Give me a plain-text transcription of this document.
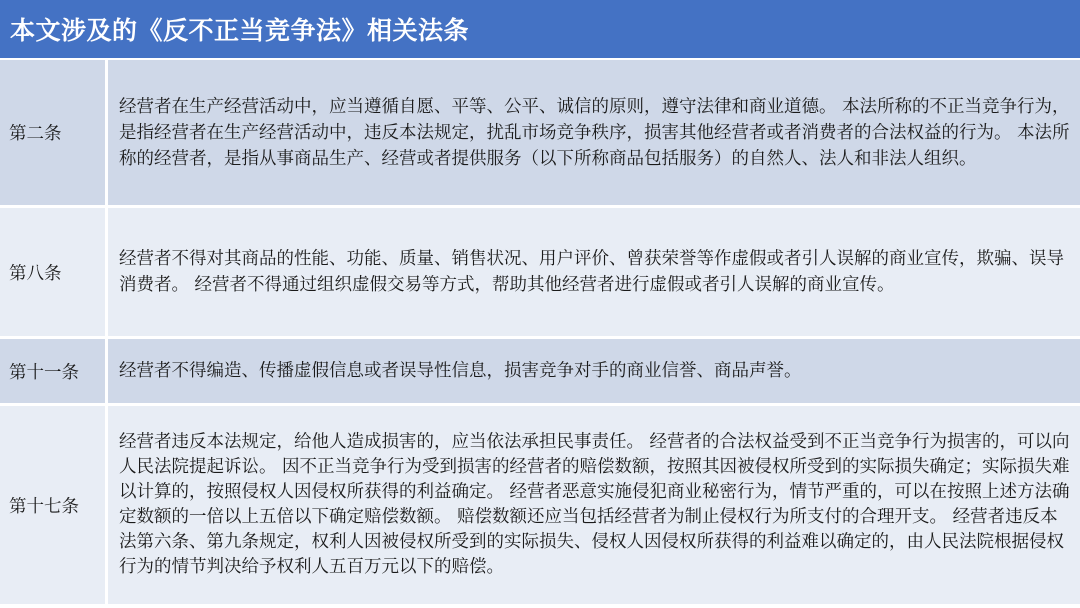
本文涉及的《反不正当竞争法》相关法条
第二条
经营者在生产经营活动中，应当遵循自愿、平等、公平、诚信的原则，遵守法律和商业道德。 本法所称的不正当竞争行为，是指经营者在生产经营活动中，违反本法规定，扰乱市场竞争秩序，损害其他经营者或者消费者的合法权益的行为。 本法所称的经营者，是指从事商品生产、经营或者提供服务（以下所称商品包括服务）的自然人、法人和非法人组织。
第八条
经营者不得对其商品的性能、功能、质量、销售状况、用户评价、曾获荣誉等作虚假或者引人误解的商业宣传，欺骗、误导消费者。 经营者不得通过组织虚假交易等方式，帮助其他经营者进行虚假或者引人误解的商业宣传。
第十一条	经营者不得编造、传播虚假信息或者误导性信息，损害竞争对手的商业信誉、商品声誉。
第十七条
经营者违反本法规定，给他人造成损害的，应当依法承担民事责任。 经营者的合法权益受到不正当竞争行为损害的，可以向人民法院提起诉讼。 因不正当竞争行为受到损害的经营者的赔偿数额，按照其因被侵权所受到的实际损失确定；实际损失难以计算的，按照侵权人因侵权所获得的利益确定。 经营者恶意实施侵犯商业秘密行为，情节严重的，可以在按照上述方法确定数额的一倍以上五倍以下确定赔偿数额。 赔偿数额还应当包括经营者为制止侵权行为所支付的合理开支。 经营者违反本法第六条、第九条规定，权利人因被侵权所受到的实际损失、侵权人因侵权所获得的利益难以确定的，由人民法院根据侵权行为的情节判决给予权利人五百万元以下的赔偿。
